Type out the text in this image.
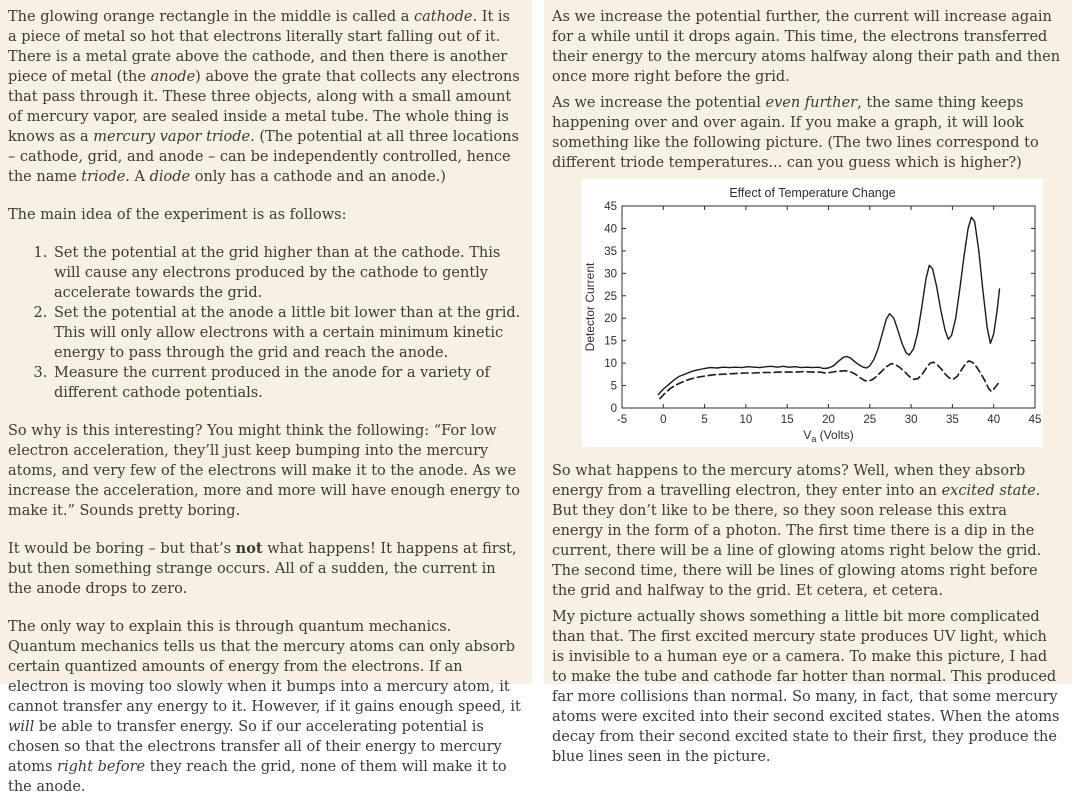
The glowing orange rectangle in the middle is called a cathode. It is a piece of metal so hot that electrons literally start falling out of it. There is a metal grate above the cathode, and then there is another piece of metal (the anode) above the grate that collects any electrons that pass through it. These three objects, along with a small amount of mercury vapor, are sealed inside a metal tube. The whole thing is knows as a mercury vapor triode. (The potential at all three locations – cathode, grid, and anode – can be independently controlled, hence the name triode. A diode only has a cathode and an anode.)

The main idea of the experiment is as follows:

1. Set the potential at the grid higher than at the cathode. This will cause any electrons produced by the cathode to gently accelerate towards the grid.
2. Set the potential at the anode a little bit lower than at the grid. This will only allow electrons with a certain minimum kinetic energy to pass through the grid and reach the anode.
3. Measure the current produced in the anode for a variety of different cathode potentials.

So why is this interesting? You might think the following: “For low electron acceleration, they’ll just keep bumping into the mercury atoms, and very few of the electrons will make it to the anode. As we increase the acceleration, more and more will have enough energy to make it.” Sounds pretty boring.

It would be boring – but that’s not what happens! It happens at first, but then something strange occurs. All of a sudden, the current in the anode drops to zero.

The only way to explain this is through quantum mechanics. Quantum mechanics tells us that the mercury atoms can only absorb certain quantized amounts of energy from the electrons. If an electron is moving too slowly when it bumps into a mercury atom, it cannot transfer any energy to it. However, if it gains enough speed, it will be able to transfer energy. So if our accelerating potential is chosen so that the electrons transfer all of their energy to mercury atoms right before they reach the grid, none of them will make it to the anode.

As we increase the potential further, the current will increase again for a while until it drops again. This time, the electrons transferred their energy to the mercury atoms halfway along their path and then once more right before the grid.

As we increase the potential even further, the same thing keeps happening over and over again. If you make a graph, it will look something like the following picture. (The two lines correspond to different triode temperatures... can you guess which is higher?)

Effect of Temperature Change
-5	0	5	10 15 20 25 30 35 40 45
0
5
10
15
20
25
30
35
40
45
Detector Current
$V_a$ (Volts)

So what happens to the mercury atoms? Well, when they absorb energy from a travelling electron, they enter into an excited state. But they don’t like to be there, so they soon release this extra energy in the form of a photon. The first time there is a dip in the current, there will be a line of glowing atoms right below the grid. The second time, there will be lines of glowing atoms right before the grid and halfway to the grid. Et cetera, et cetera.

My picture actually shows something a little bit more complicated than that. The first excited mercury state produces UV light, which is invisible to a human eye or a camera. To make this picture, I had to make the tube and cathode far hotter than normal. This produced far more collisions than normal. So many, in fact, that some mercury atoms were excited into their second excited states. When the atoms decay from their second excited state to their first, they produce the blue lines seen in the picture.
